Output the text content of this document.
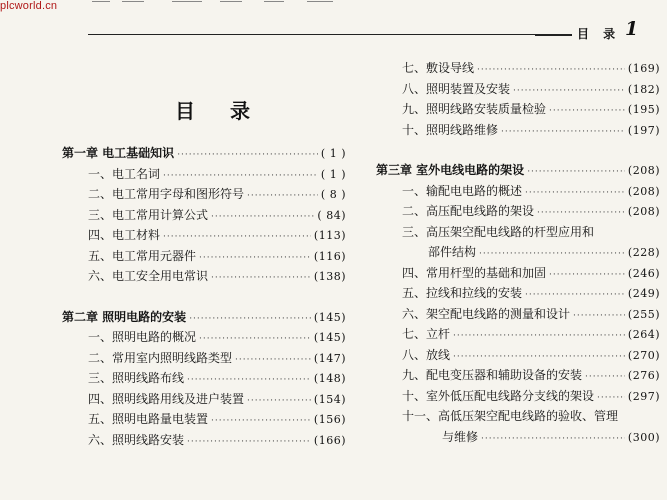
plcworld.cn
目 录 1
目 录
第一章 电工基础知识 ·····	( 1 )
一、电工名词 ·····	( 1 )
二、电工常用字母和图形符号 ·····	( 8 )
三、电工常用计算公式 ·····	( 84)
四、电工材料 ·····	(113)
五、电工常用元器件 ·····	(116)
六、电工安全用电常识 ·····	(138)
第二章 照明电路的安装 ·····	(145)
一、照明电路的概况 ·····	(145)
二、常用室内照明线路类型 ·····	(147)
三、照明线路布线 ·····	(148)
四、照明线路用线及进户装置 ·····	(154)
五、照明电路量电装置 ·····	(156)
六、照明线路安装 ·····	(166)
七、敷设导线 ·····	(169)
八、照明装置及安装 ·····	(182)
九、照明线路安装质量检验 ·····	(195)
十、照明线路维修 ·····	(197)
第三章 室外电线电路的架设 ·····	(208)
一、输配电电路的概述 ·····	(208)
二、高压配电线路的架设 ·····	(208)
三、高压架空配电线路的杆型应用和
部件结构 ·····	(228)
四、常用杆型的基础和加固 ·····	(246)
五、拉线和拉线的安装 ·····	(249)
六、架空配电线路的测量和设计 ·····	(255)
七、立杆 ·····	(264)
八、放线 ·····	(270)
九、配电变压器和辅助设备的安装 ·····	(276)
十、室外低压配电线路分支线的架设 ·····	(297)
十一、高低压架空配电线路的验收、管理
与维修 ·····	(300)
